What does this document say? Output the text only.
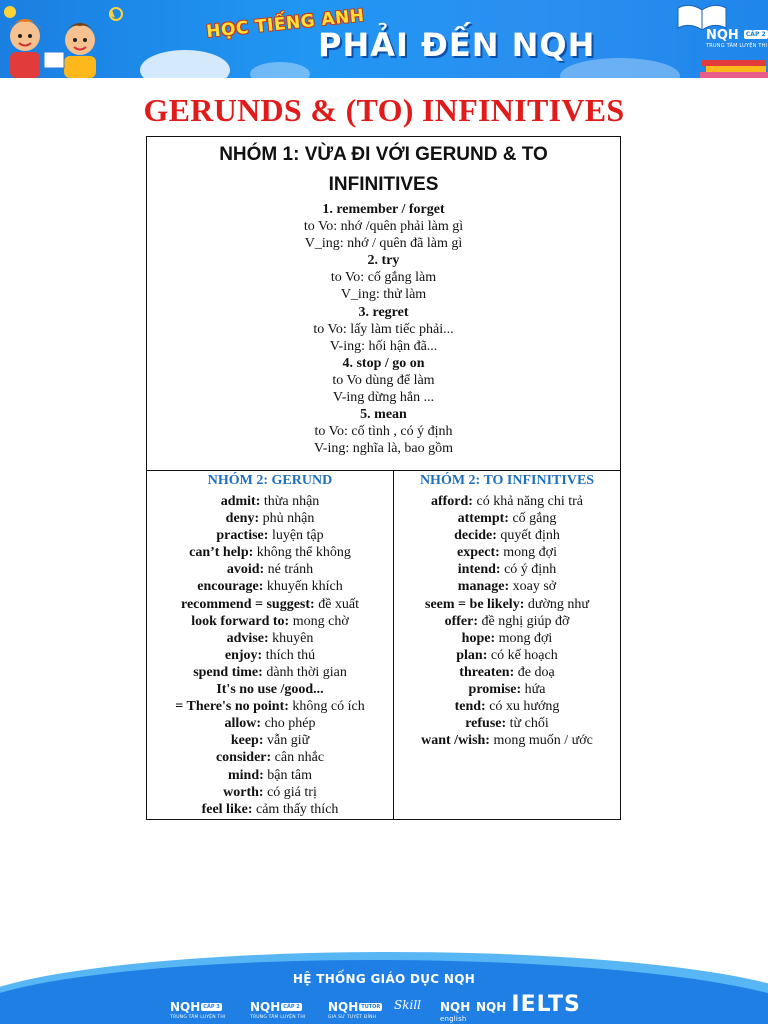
HỌC TIẾNG ANH
PHẢI ĐẾN NQH	NQH CẤP 2
TRUNG TÂM LUYỆN THI
GERUNDS & (TO) INFINITIVES
NHÓM 1: VỪA ĐI VỚI GERUND & TO
INFINITIVES
1. remember / forget
to Vo: nhớ /quên phải làm gì
V_ing: nhớ / quên đã làm gì
2. try
to Vo: cố gắng làm
V_ing: thử làm
3. regret
to Vo: lấy làm tiếc phải...
V-ing: hối hận đã...
4. stop / go on
to Vo dùng để làm
V-ing dừng hẳn ...
5. mean
to Vo: cố tình , có ý định
V-ing: nghĩa là, bao gồm
NHÓM 2: GERUND
admit: thừa nhận
deny: phủ nhận
practise: luyện tập
can’t help: không thể không
avoid: né tránh
encourage: khuyến khích
recommend = suggest: đề xuất
look forward to: mong chờ
advise: khuyên
enjoy: thích thú
spend time: dành thời gian
It's no use /good...
= There's no point: không có ích
allow: cho phép
keep: vẫn giữ
consider: cân nhắc
mind: bận tâm
worth: có giá trị
feel like: cảm thấy thích
NHÓM 2: TO INFINITIVES
afford: có khả năng chi trả
attempt: cố gắng
decide: quyết định
expect: mong đợi
intend: có ý định
manage: xoay sở
seem = be likely: dường như
offer: đề nghị giúp đỡ
hope: mong đợi
plan: có kế hoạch
threaten: đe doạ
promise: hứa
tend: có xu hướng
refuse: từ chối
want /wish: mong muốn / ước
HỆ THỐNG GIÁO DỤC NQH
NQH CẤP 3
TRUNG TÂM LUYỆN THI
NQH CẤP 2
TRUNG TÂM LUYỆN THI
NQH TUTOR
GIA SƯ TUYỆT ĐỈNH
Skill NQH
english
NQH IELTS
